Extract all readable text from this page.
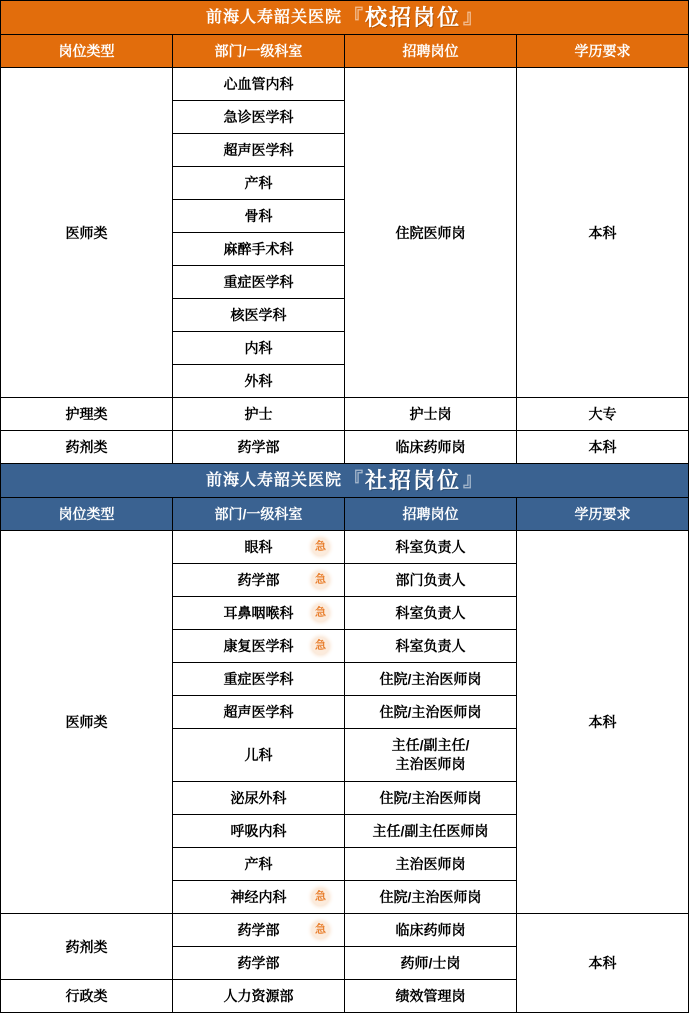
前海人寿韶关医院 『 校招岗位 』			

岗位类型	部门/一级科室	招聘岗位	学历要求
医师类	心血管内科	住院医师岗	本科
	急诊医学科		
	超声医学科		
	产科		
	骨科		
	麻醉手术科		
	重症医学科		
	核医学科		
	内科		
	外科		
护理类	护士	护士岗	大专
药剂类	药学部	临床药师岗	本科

前海人寿韶关医院 『 社招岗位 』			

岗位类型	部门/一级科室	招聘岗位	学历要求
医师类	眼科 急	科室负责人	本科
	药学部 急	部门负责人	
	耳鼻咽喉科 急	科室负责人	
	康复医学科 急	科室负责人	
	重症医学科	住院/主治医师岗	
	超声医学科	住院/主治医师岗	
	儿科	主任/副主任/
主治医师岗	

	泌尿外科	住院/主治医师岗	
	呼吸内科	主任/副主任医师岗	
	产科	主治医师岗	
	神经内科 急	住院/主治医师岗	
药剂类	药学部 急	临床药师岗	本科
	药学部	药师/士岗	
行政类	人力资源部	绩效管理岗	
